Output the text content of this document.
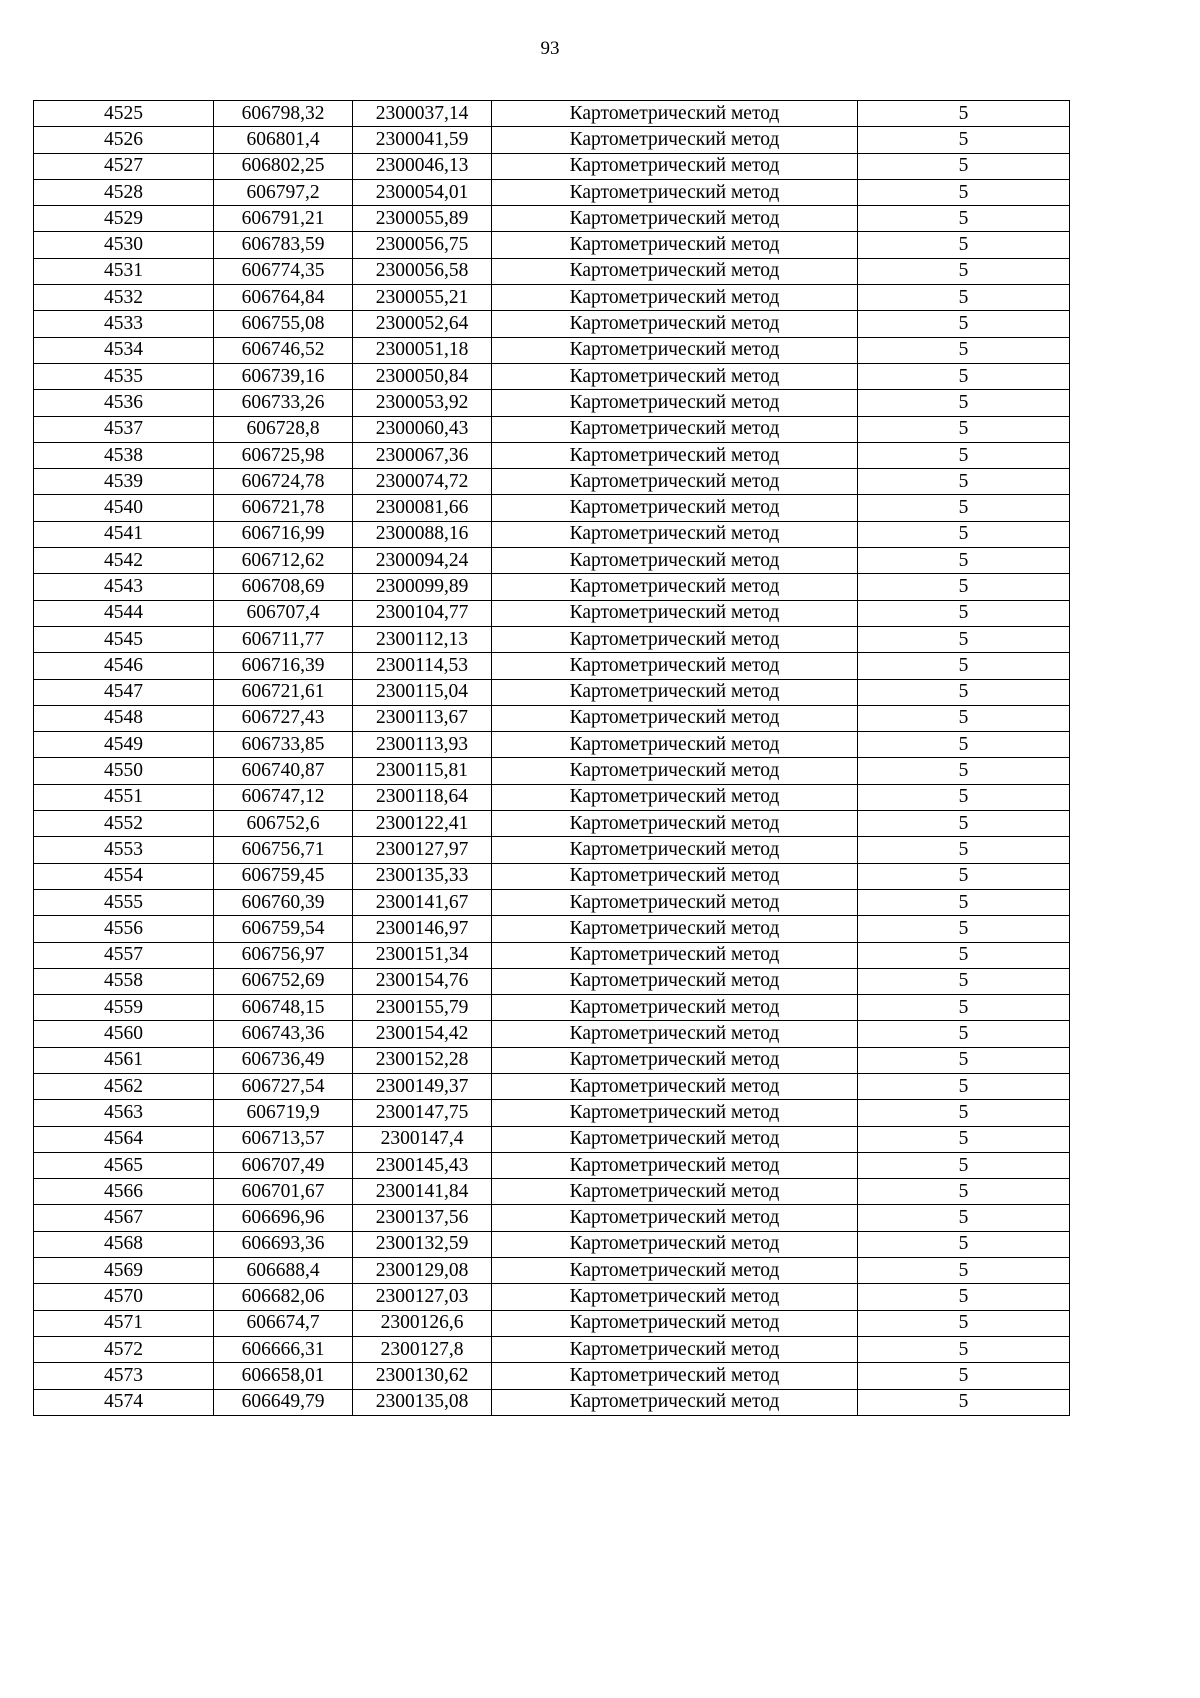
93
4525	606798,32	2300037,14	Картометрический метод	5
4526	606801,4	2300041,59	Картометрический метод	5
4527	606802,25	2300046,13	Картометрический метод	5
4528	606797,2	2300054,01	Картометрический метод	5
4529	606791,21	2300055,89	Картометрический метод	5
4530	606783,59	2300056,75	Картометрический метод	5
4531	606774,35	2300056,58	Картометрический метод	5
4532	606764,84	2300055,21	Картометрический метод	5
4533	606755,08	2300052,64	Картометрический метод	5
4534	606746,52	2300051,18	Картометрический метод	5
4535	606739,16	2300050,84	Картометрический метод	5
4536	606733,26	2300053,92	Картометрический метод	5
4537	606728,8	2300060,43	Картометрический метод	5
4538	606725,98	2300067,36	Картометрический метод	5
4539	606724,78	2300074,72	Картометрический метод	5
4540	606721,78	2300081,66	Картометрический метод	5
4541	606716,99	2300088,16	Картометрический метод	5
4542	606712,62	2300094,24	Картометрический метод	5
4543	606708,69	2300099,89	Картометрический метод	5
4544	606707,4	2300104,77	Картометрический метод	5
4545	606711,77	2300112,13	Картометрический метод	5
4546	606716,39	2300114,53	Картометрический метод	5
4547	606721,61	2300115,04	Картометрический метод	5
4548	606727,43	2300113,67	Картометрический метод	5
4549	606733,85	2300113,93	Картометрический метод	5
4550	606740,87	2300115,81	Картометрический метод	5
4551	606747,12	2300118,64	Картометрический метод	5
4552	606752,6	2300122,41	Картометрический метод	5
4553	606756,71	2300127,97	Картометрический метод	5
4554	606759,45	2300135,33	Картометрический метод	5
4555	606760,39	2300141,67	Картометрический метод	5
4556	606759,54	2300146,97	Картометрический метод	5
4557	606756,97	2300151,34	Картометрический метод	5
4558	606752,69	2300154,76	Картометрический метод	5
4559	606748,15	2300155,79	Картометрический метод	5
4560	606743,36	2300154,42	Картометрический метод	5
4561	606736,49	2300152,28	Картометрический метод	5
4562	606727,54	2300149,37	Картометрический метод	5
4563	606719,9	2300147,75	Картометрический метод	5
4564	606713,57	2300147,4	Картометрический метод	5
4565	606707,49	2300145,43	Картометрический метод	5
4566	606701,67	2300141,84	Картометрический метод	5
4567	606696,96	2300137,56	Картометрический метод	5
4568	606693,36	2300132,59	Картометрический метод	5
4569	606688,4	2300129,08	Картометрический метод	5
4570	606682,06	2300127,03	Картометрический метод	5
4571	606674,7	2300126,6	Картометрический метод	5
4572	606666,31	2300127,8	Картометрический метод	5
4573	606658,01	2300130,62	Картометрический метод	5
4574	606649,79	2300135,08	Картометрический метод	5
